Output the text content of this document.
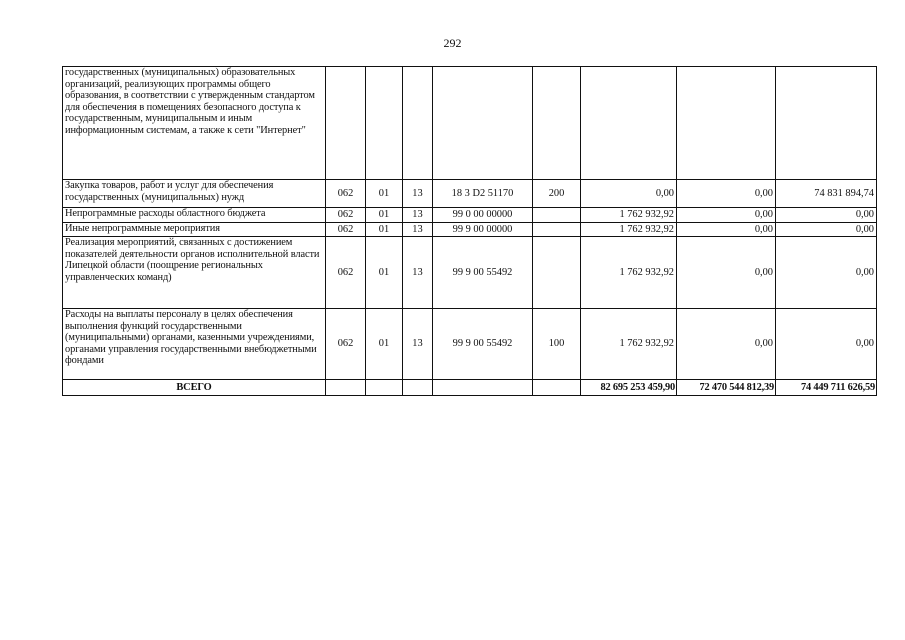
292
государственных (муниципальных) образовательных организаций, реализующих программы общего образования, в соответствии с утвержденным стандартом для обеспечения в помещениях безопасного доступа к государственным, муниципальным и иным информационным системам, а также к сети "Интернет"								
Закупка товаров, работ и услуг для обеспечения государственных (муниципальных) нужд	062	01	13	18 3 D2 51170	200	0,00	0,00	74 831 894,74
Непрограммные расходы областного бюджета	062	01	13	99 0 00 00000		1 762 932,92	0,00	0,00
Иные непрограммные мероприятия	062	01	13	99 9 00 00000		1 762 932,92	0,00	0,00
Реализация мероприятий, связанных с достижением показателей деятельности органов исполнительной власти Липецкой области (поощрение региональных управленческих команд)	062	01	13	99 9 00 55492		1 762 932,92	0,00	0,00
Расходы на выплаты персоналу в целях обеспечения выполнения функций государственными (муниципальными) органами, казенными учреждениями, органами управления государственными внебюджетными фондами	062	01	13	99 9 00 55492	100	1 762 932,92	0,00	0,00
ВСЕГО						82 695 253 459,90	72 470 544 812,39	74 449 711 626,59
